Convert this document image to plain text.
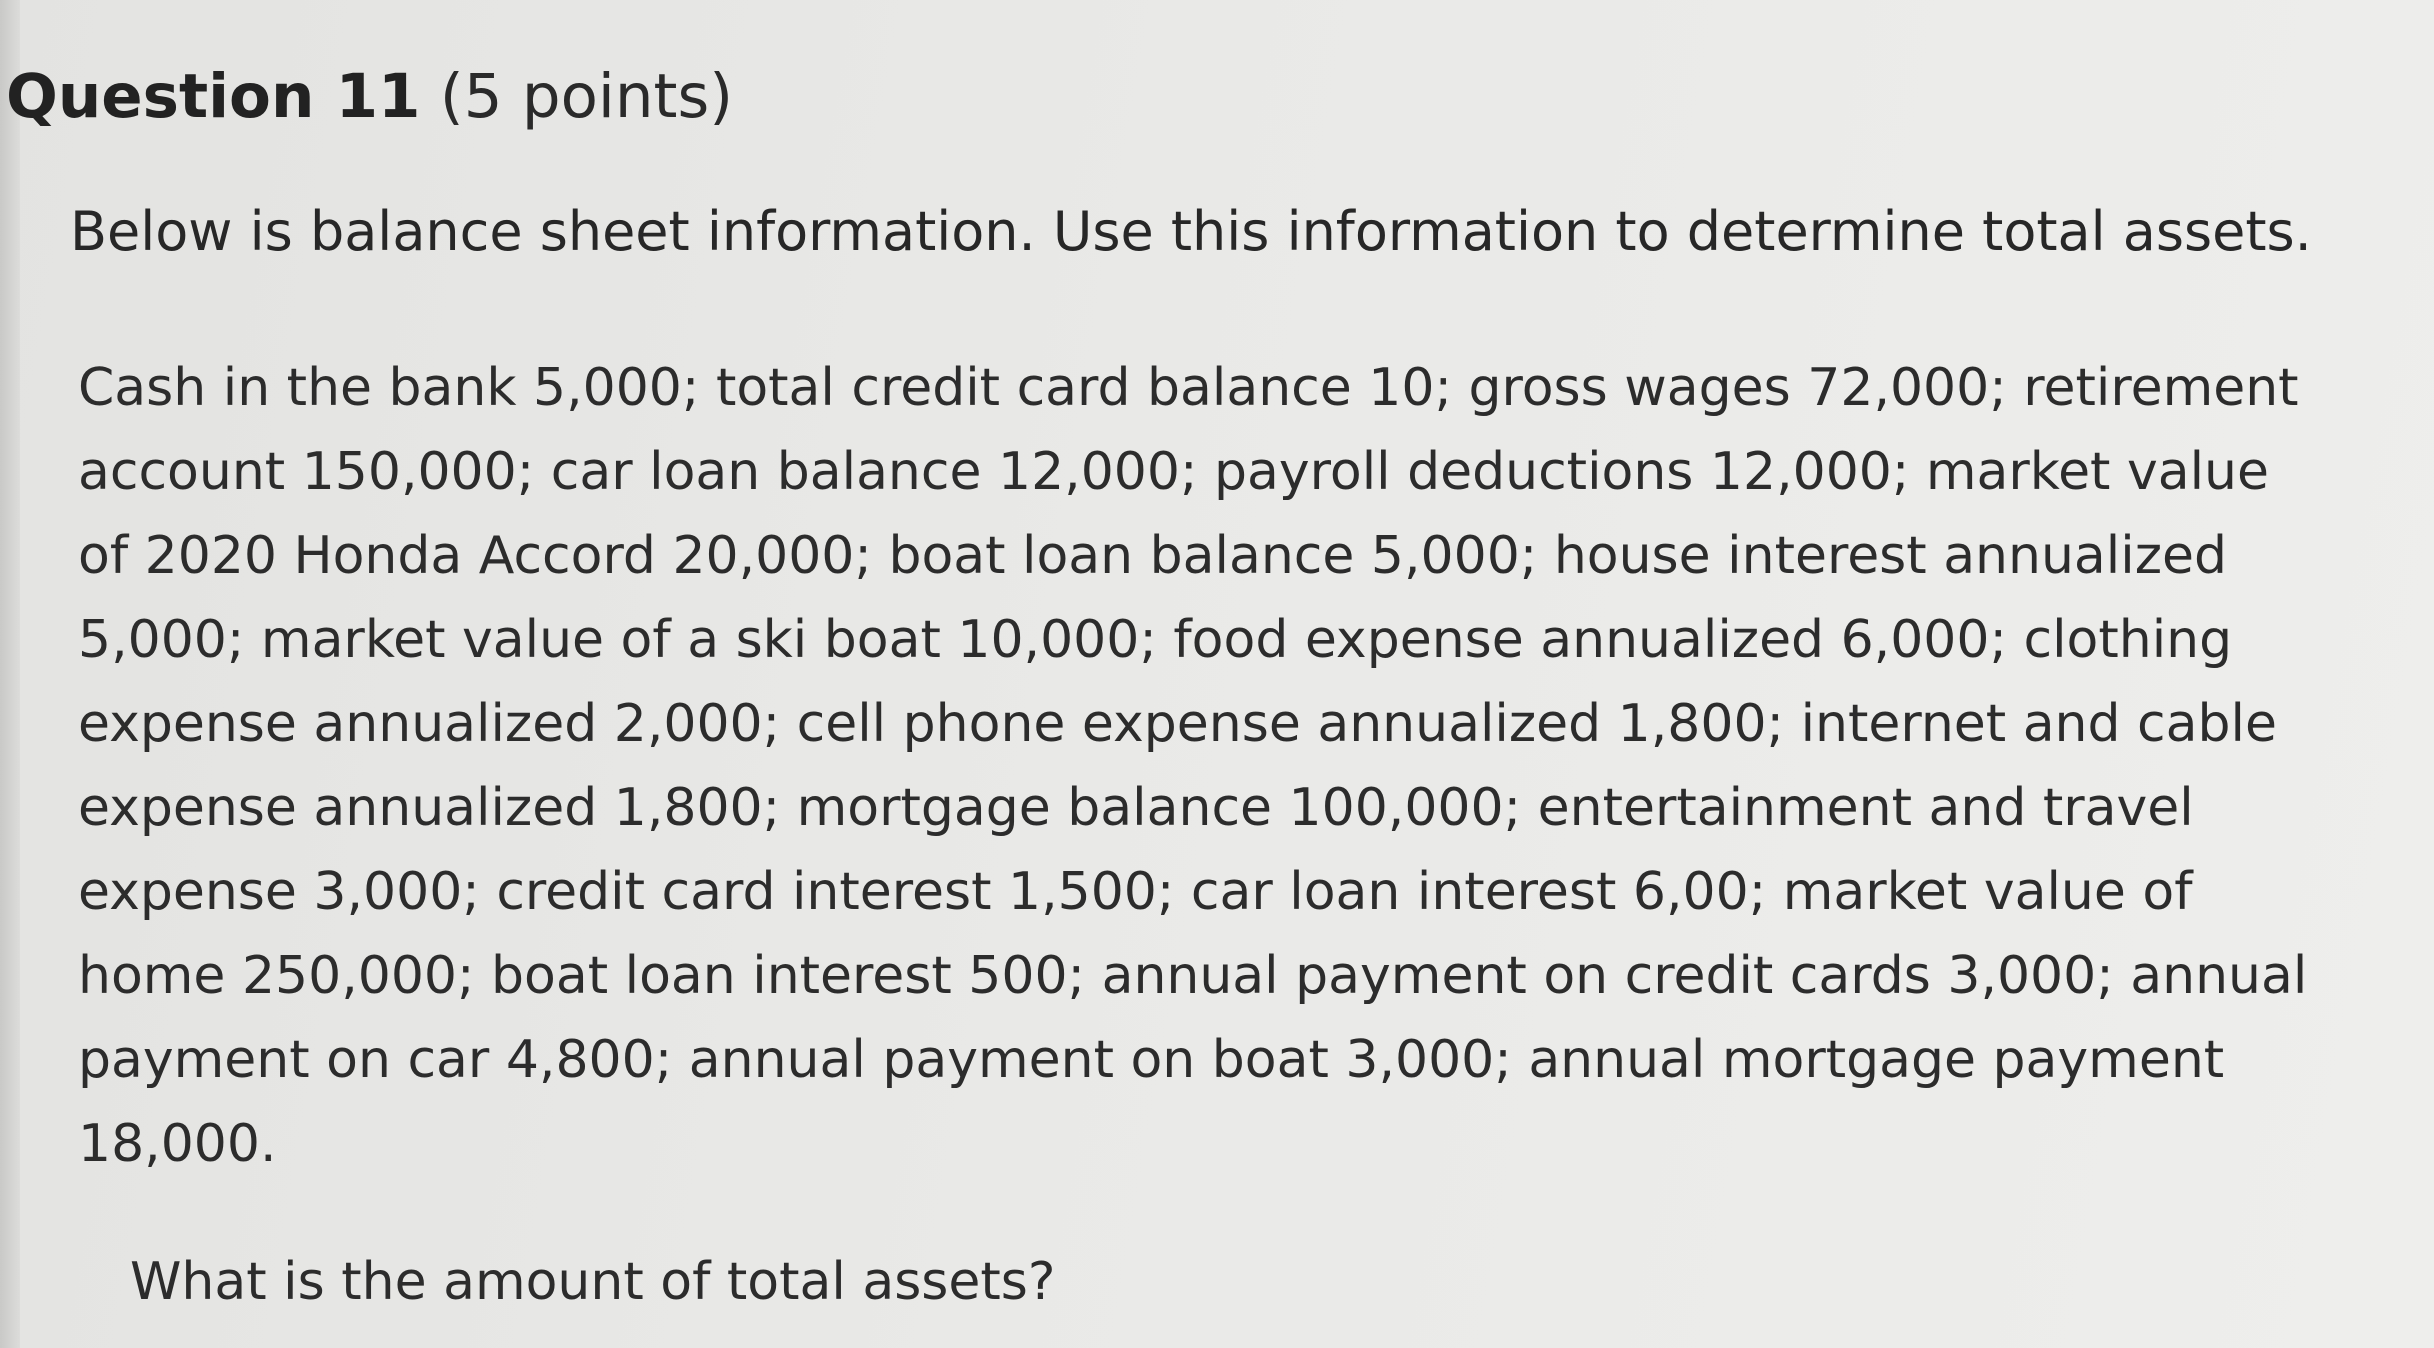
Question 11 (5 points)
Below is balance sheet information. Use this information to determine total assets.
Cash in the bank 5,000; total credit card balance 10; gross wages 72,000; retirement
account 150,000; car loan balance 12,000; payroll deductions 12,000; market value
of 2020 Honda Accord 20,000; boat loan balance 5,000; house interest annualized
5,000; market value of a ski boat 10,000; food expense annualized 6,000; clothing
expense annualized 2,000; cell phone expense annualized 1,800; internet and cable
expense annualized 1,800; mortgage balance 100,000; entertainment and travel
expense 3,000; credit card interest 1,500; car loan interest 6,00; market value of
home 250,000; boat loan interest 500; annual payment on credit cards 3,000; annual
payment on car 4,800; annual payment on boat 3,000; annual mortgage payment
18,000.
What is the amount of total assets?
